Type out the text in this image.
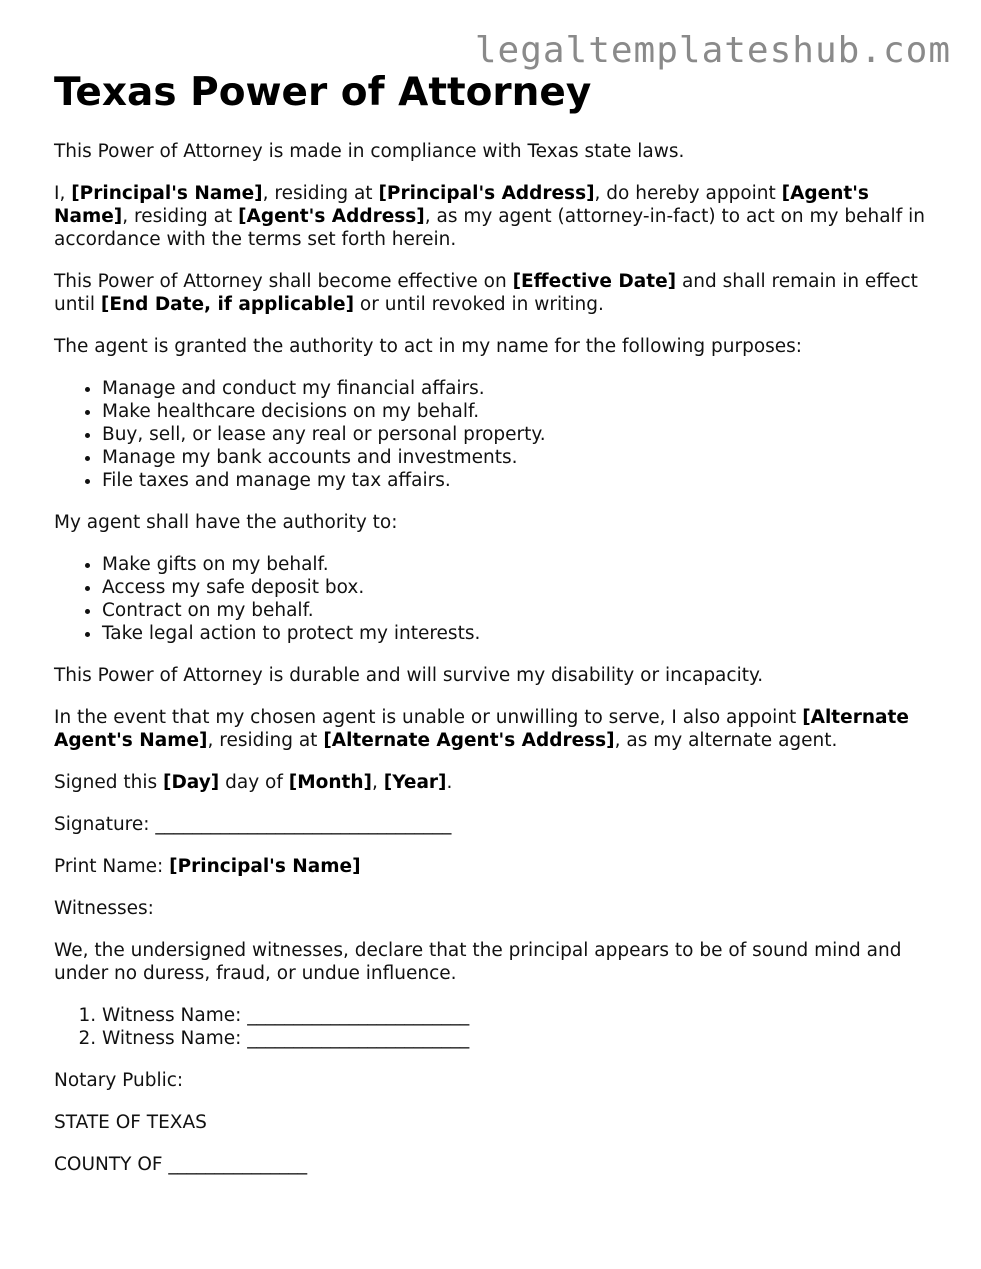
legaltemplateshub.com
Texas Power of Attorney

This Power of Attorney is made in compliance with Texas state laws.

I, [Principal's Name], residing at [Principal's Address], do hereby appoint [Agent's Name], residing at [Agent's Address], as my agent (attorney-in-fact) to act on my behalf in accordance with the terms set forth herein.

This Power of Attorney shall become effective on [Effective Date] and shall remain in effect until [End Date, if applicable] or until revoked in writing.

The agent is granted the authority to act in my name for the following purposes:

• Manage and conduct my financial affairs.
• Make healthcare decisions on my behalf.
• Buy, sell, or lease any real or personal property.
• Manage my bank accounts and investments.
• File taxes and manage my tax affairs.

My agent shall have the authority to:

• Make gifts on my behalf.
• Access my safe deposit box.
• Contract on my behalf.
• Take legal action to protect my interests.

This Power of Attorney is durable and will survive my disability or incapacity.

In the event that my chosen agent is unable or unwilling to serve, I also appoint [Alternate Agent's Name], residing at [Alternate Agent's Address], as my alternate agent.

Signed this [Day] day of [Month], [Year].

Signature: ________________________________

Print Name: [Principal's Name]

Witnesses:

We, the undersigned witnesses, declare that the principal appears to be of sound mind and under no duress, fraud, or undue influence.

1. Witness Name: ________________________
2. Witness Name: ________________________

Notary Public:

STATE OF TEXAS

COUNTY OF _______________
